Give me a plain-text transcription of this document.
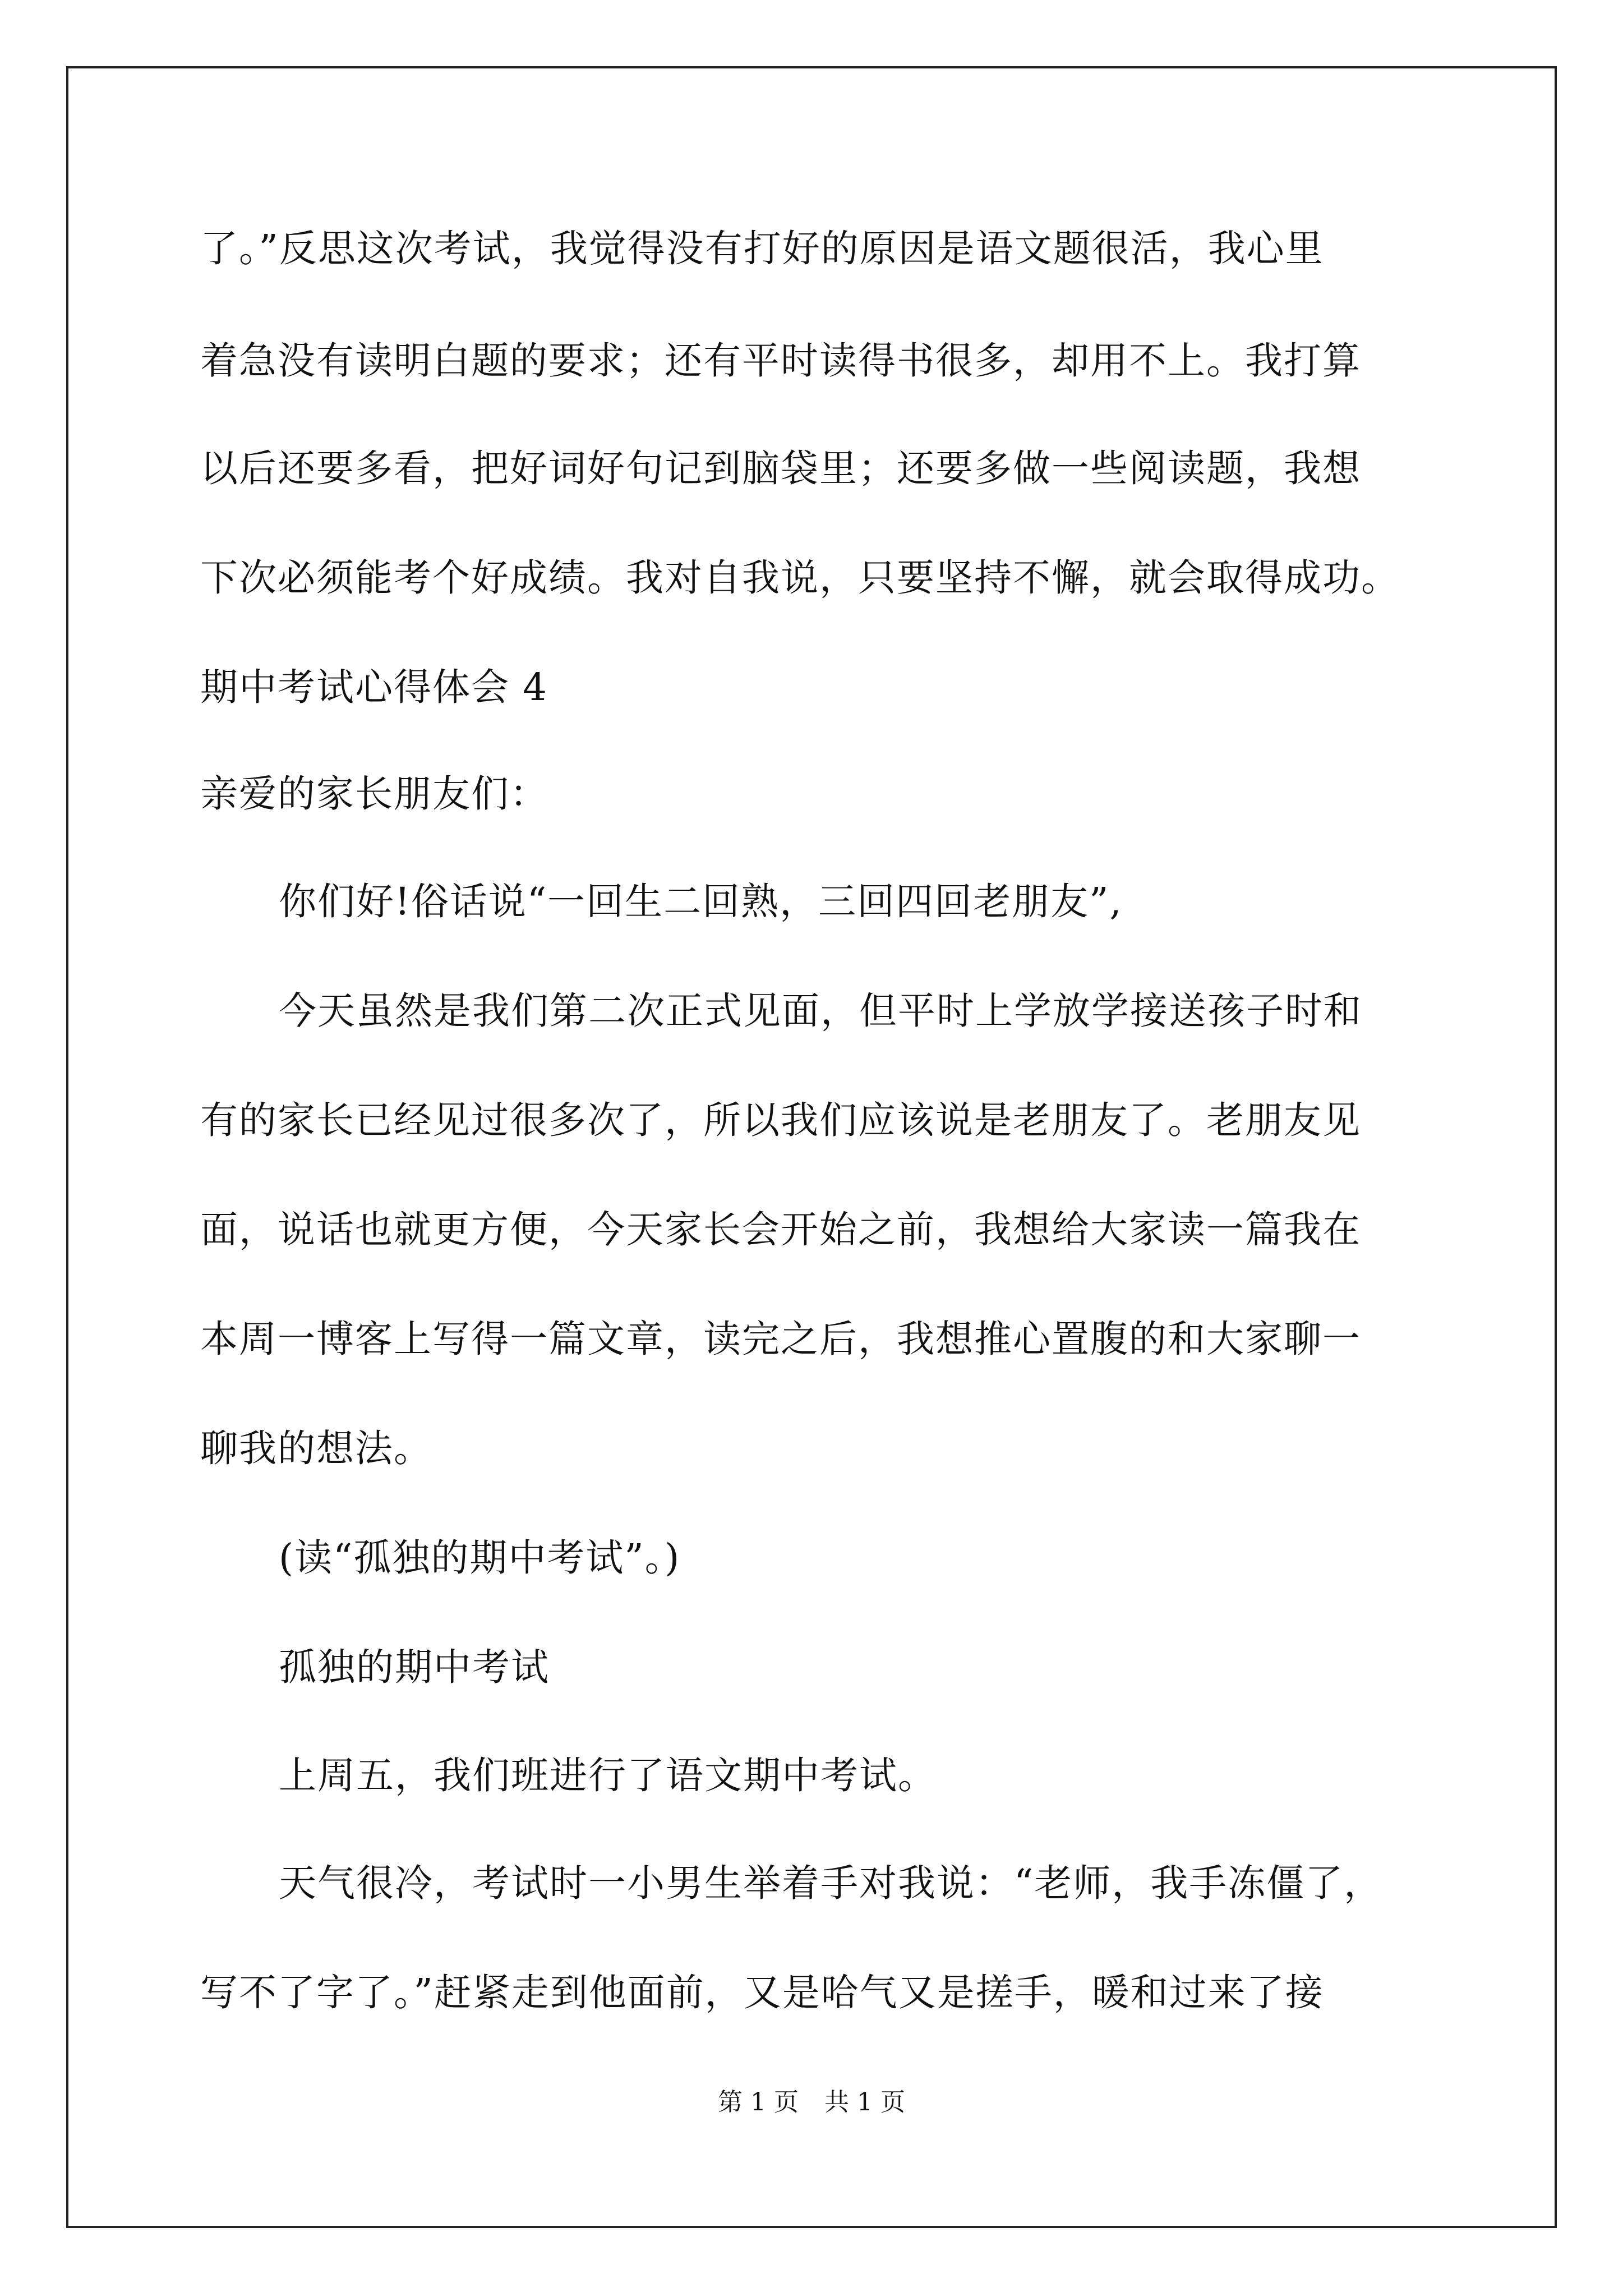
了。”反思这次考试，我觉得没有打好的原因是语文题很活，我心里
着急没有读明白题的要求；还有平时读得书很多，却用不上。我打算
以后还要多看，把好词好句记到脑袋里；还要多做一些阅读题，我想
下次必须能考个好成绩。我对自我说，只要坚持不懈，就会取得成功。
期中考试心得体会 4
亲爱的家长朋友们：
你们好!俗话说“一回生二回熟，三回四回老朋友”,
今天虽然是我们第二次正式见面，但平时上学放学接送孩子时和
有的家长已经见过很多次了，所以我们应该说是老朋友了。老朋友见
面，说话也就更方便，今天家长会开始之前，我想给大家读一篇我在
本周一博客上写得一篇文章，读完之后，我想推心置腹的和大家聊一
聊我的想法。
(读“孤独的期中考试”。)
孤独的期中考试
上周五，我们班进行了语文期中考试。
天气很冷，考试时一小男生举着手对我说：“老师，我手冻僵了，
写不了字了。”赶紧走到他面前，又是哈气又是搓手，暖和过来了接
第 1 页 共 1 页
